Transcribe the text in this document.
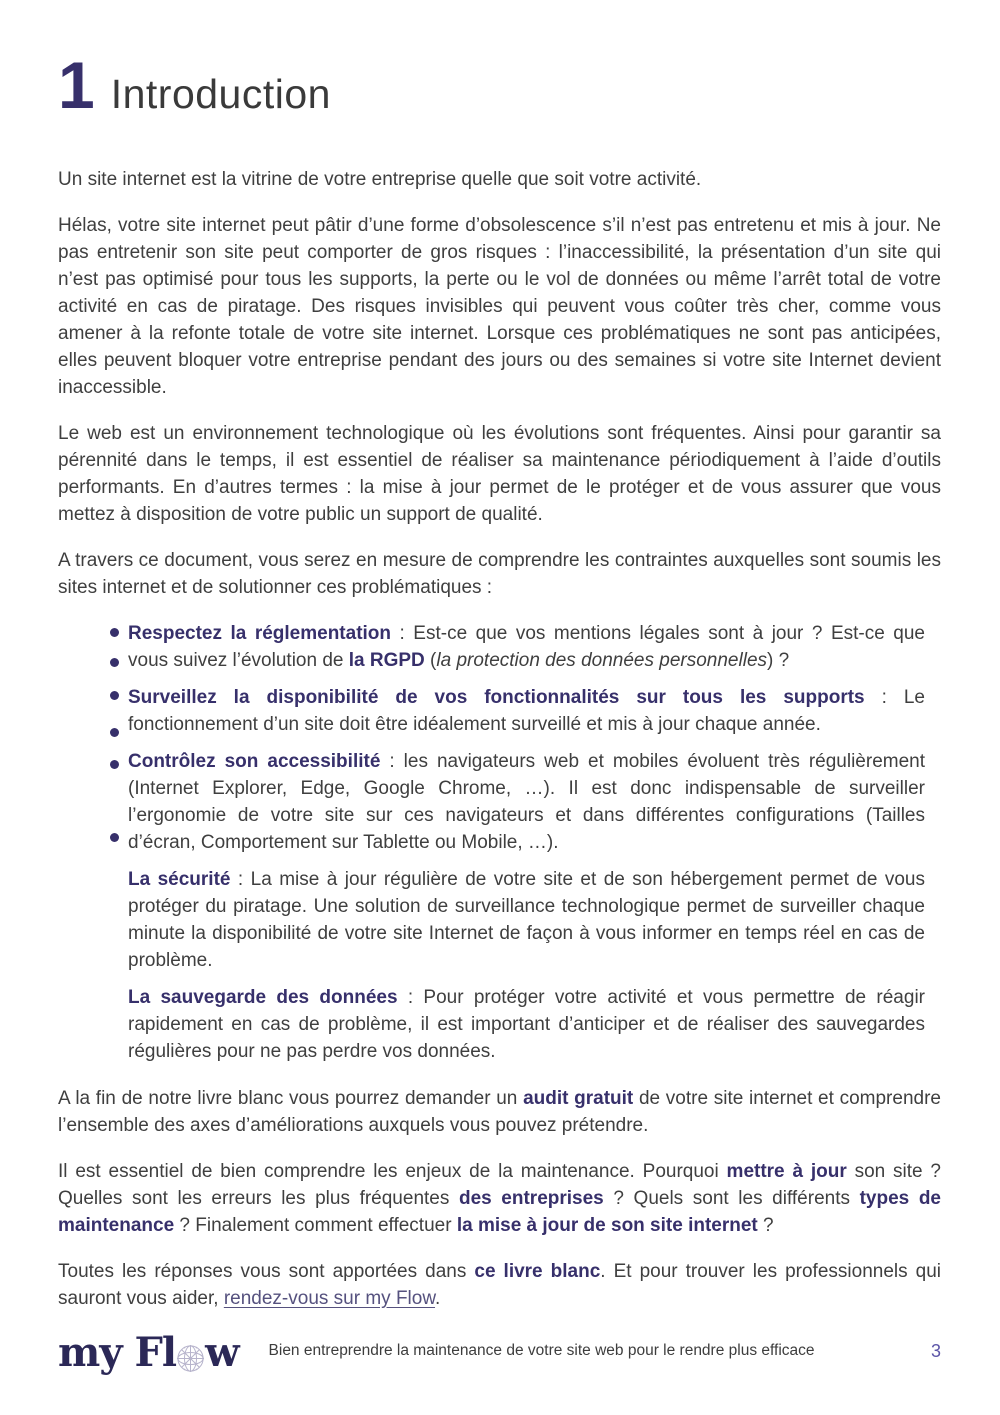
1 Introduction

Un site internet est la vitrine de votre entreprise quelle que soit votre activité.

Hélas, votre site internet peut pâtir d’une forme d’obsolescence s’il n’est pas entretenu et mis à jour. Ne pas entretenir son site peut comporter de gros risques : l’inaccessibilité, la présentation d’un site qui n’est pas optimisé pour tous les supports, la perte ou le vol de données ou même l’arrêt total de votre activité en cas de piratage. Des risques invisibles qui peuvent vous coûter très cher, comme vous amener à la refonte totale de votre site internet. Lorsque ces problématiques ne sont pas anticipées, elles peuvent bloquer votre entreprise pendant des jours ou des semaines si votre site Internet devient inaccessible.

Le web est un environnement technologique où les évolutions sont fréquentes. Ainsi pour garantir sa pérennité dans le temps, il est essentiel de réaliser sa maintenance périodiquement à l’aide d’outils performants. En d’autres termes : la mise à jour permet de le protéger et de vous assurer que vous mettez à disposition de votre public un support de qualité.

A travers ce document, vous serez en mesure de comprendre les contraintes auxquelles sont soumis les sites internet et de solutionner ces problématiques :

Respectez la réglementation : Est-ce que vos mentions légales sont à jour ? Est-ce que vous suivez l’évolution de la RGPD (la protection des données personnelles) ?
Surveillez la disponibilité de vos fonctionnalités sur tous les supports : Le fonctionnement d’un site doit être idéalement surveillé et mis à jour chaque année.
Contrôlez son accessibilité : les navigateurs web et mobiles évoluent très régulièrement (Internet Explorer, Edge, Google Chrome, …). Il est donc indispensable de surveiller l’ergonomie de votre site sur ces navigateurs et dans différentes configurations (Tailles d’écran, Comportement sur Tablette ou Mobile, …).
La sécurité : La mise à jour régulière de votre site et de son hébergement permet de vous protéger du piratage. Une solution de surveillance technologique permet de surveiller chaque minute la disponibilité de votre site Internet de façon à vous informer en temps réel en cas de problème.
La sauvegarde des données : Pour protéger votre activité et vous permettre de réagir rapidement en cas de problème, il est important d’anticiper et de réaliser des sauvegardes régulières pour ne pas perdre vos données.

A la fin de notre livre blanc vous pourrez demander un audit gratuit de votre site internet et comprendre l’ensemble des axes d’améliorations auxquels vous pouvez prétendre.

Il est essentiel de bien comprendre les enjeux de la maintenance. Pourquoi mettre à jour son site ? Quelles sont les erreurs les plus fréquentes des entreprises ? Quels sont les différents types de maintenance ? Finalement comment effectuer la mise à jour de son site internet ?

Toutes les réponses vous sont apportées dans ce livre blanc. Et pour trouver les professionnels qui sauront vous aider, rendez-vous sur my Flow.

my Fl w Bien entreprendre la maintenance de votre site web pour le rendre plus efficace	3
